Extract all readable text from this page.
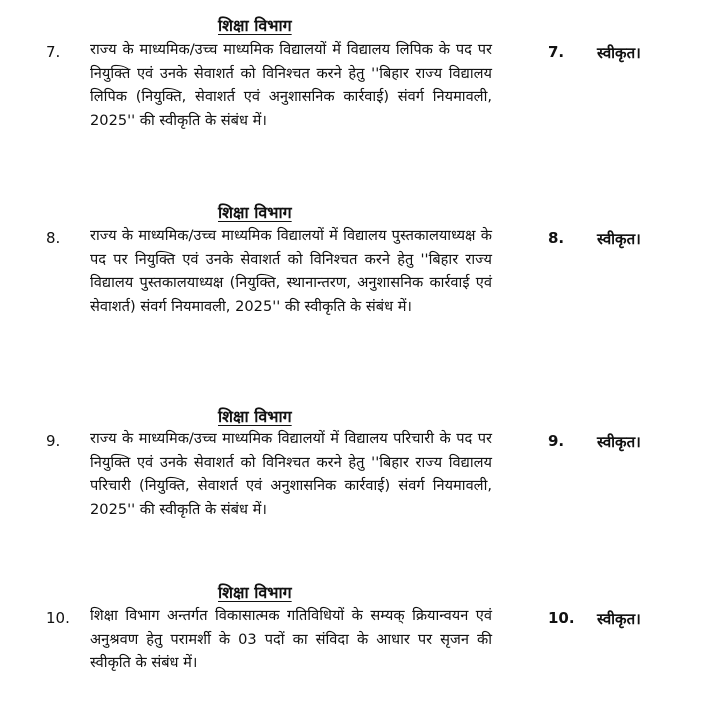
शिक्षा विभाग
7. राज्य के माध्यमिक/उच्च माध्यमिक विद्यालयों में विद्यालय लिपिक के पद पर नियुक्ति एवं उनके सेवाशर्त को विनिश्चत करने हेतु ''बिहार राज्य विद्यालय लिपिक (नियुक्ति, सेवाशर्त एवं अनुशासनिक कार्रवाई) संवर्ग नियमावली, 2025'' की स्वीकृति के संबंध में।
7. स्वीकृत।
शिक्षा विभाग
8. राज्य के माध्यमिक/उच्च माध्यमिक विद्यालयों में विद्यालय पुस्तकालयाध्यक्ष के पद पर नियुक्ति एवं उनके सेवाशर्त को विनिश्चत करने हेतु ''बिहार राज्य विद्यालय पुस्तकालयाध्यक्ष (नियुक्ति, स्थानान्तरण, अनुशासनिक कार्रवाई एवं सेवाशर्त) संवर्ग नियमावली, 2025'' की स्वीकृति के संबंध में।
8. स्वीकृत।
शिक्षा विभाग
9. राज्य के माध्यमिक/उच्च माध्यमिक विद्यालयों में विद्यालय परिचारी के पद पर नियुक्ति एवं उनके सेवाशर्त को विनिश्चत करने हेतु ''बिहार राज्य विद्यालय परिचारी (नियुक्ति, सेवाशर्त एवं अनुशासनिक कार्रवाई) संवर्ग नियमावली, 2025'' की स्वीकृति के संबंध में।
9. स्वीकृत।
शिक्षा विभाग
10. शिक्षा विभाग अन्तर्गत विकासात्मक गतिविधियों के सम्यक् क्रियान्वयन एवं अनुश्रवण हेतु परामर्शी के 03 पदों का संविदा के आधार पर सृजन की स्वीकृति के संबंध में।
10. स्वीकृत।
